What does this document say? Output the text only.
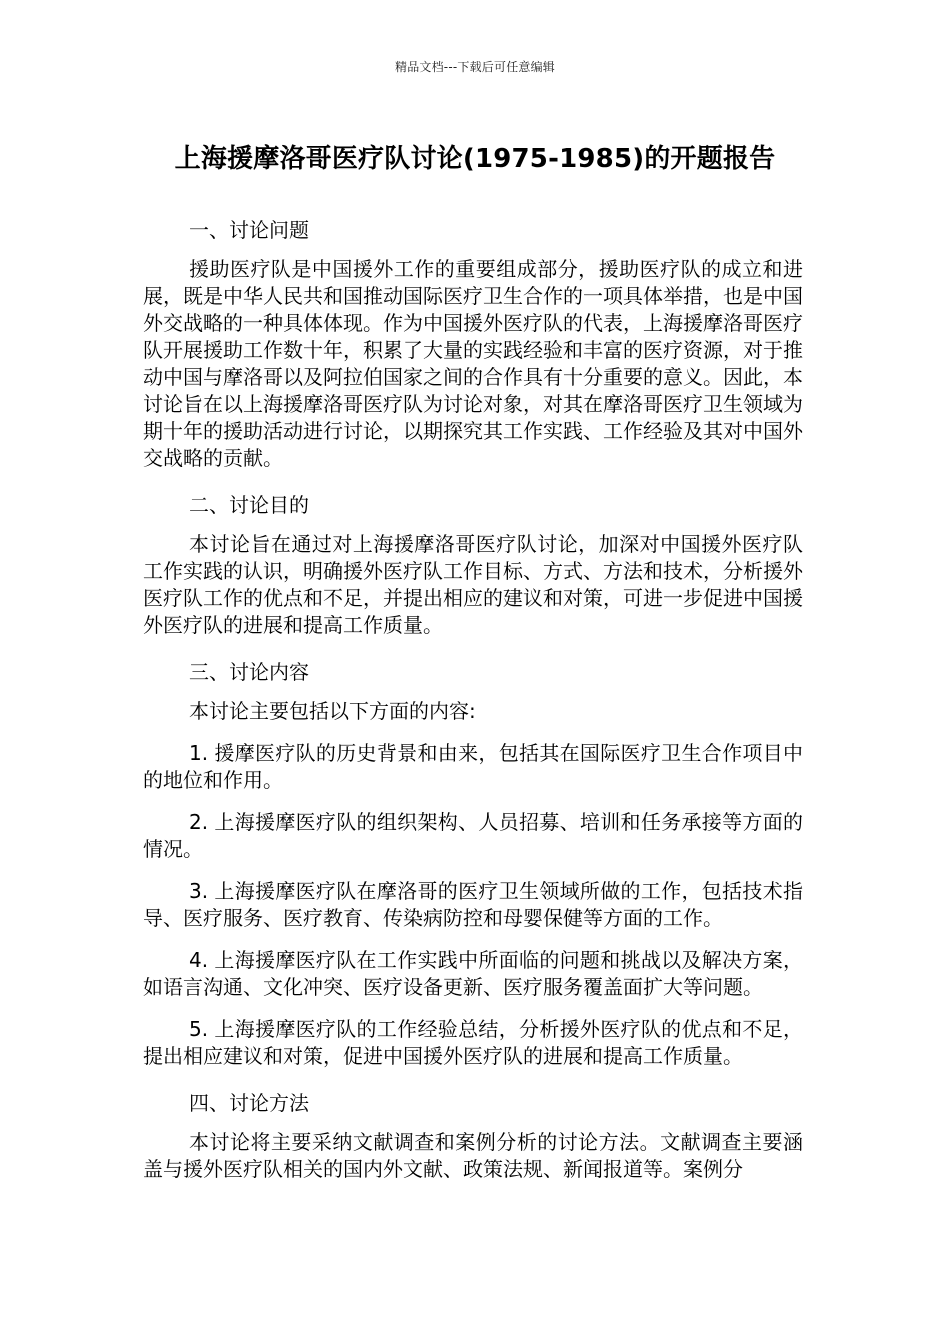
精品文档---下载后可任意编辑
上海援摩洛哥医疗队讨论(1975-1985)的开题报告
一、讨论问题

援助医疗队是中国援外工作的重要组成部分，援助医疗队的成立和进展，既是中华人民共和国推动国际医疗卫生合作的一项具体举措，也是中国外交战略的一种具体体现。作为中国援外医疗队的代表，上海援摩洛哥医疗队开展援助工作数十年，积累了大量的实践经验和丰富的医疗资源，对于推动中国与摩洛哥以及阿拉伯国家之间的合作具有十分重要的意义。因此，本讨论旨在以上海援摩洛哥医疗队为讨论对象，对其在摩洛哥医疗卫生领域为期十年的援助活动进行讨论，以期探究其工作实践、工作经验及其对中国外交战略的贡献。

二、讨论目的

本讨论旨在通过对上海援摩洛哥医疗队讨论，加深对中国援外医疗队工作实践的认识，明确援外医疗队工作目标、方式、方法和技术，分析援外医疗队工作的优点和不足，并提出相应的建议和对策，可进一步促进中国援外医疗队的进展和提高工作质量。

三、讨论内容

本讨论主要包括以下方面的内容:

1. 援摩医疗队的历史背景和由来，包括其在国际医疗卫生合作项目中的地位和作用。

2. 上海援摩医疗队的组织架构、人员招募、培训和任务承接等方面的情况。

3. 上海援摩医疗队在摩洛哥的医疗卫生领域所做的工作，包括技术指导、医疗服务、医疗教育、传染病防控和母婴保健等方面的工作。

4. 上海援摩医疗队在工作实践中所面临的问题和挑战以及解决方案，如语言沟通、文化冲突、医疗设备更新、医疗服务覆盖面扩大等问题。

5. 上海援摩医疗队的工作经验总结，分析援外医疗队的优点和不足，提出相应建议和对策，促进中国援外医疗队的进展和提高工作质量。

四、讨论方法

本讨论将主要采纳文献调查和案例分析的讨论方法。文献调查主要涵盖与援外医疗队相关的国内外文献、政策法规、新闻报道等。案例分
